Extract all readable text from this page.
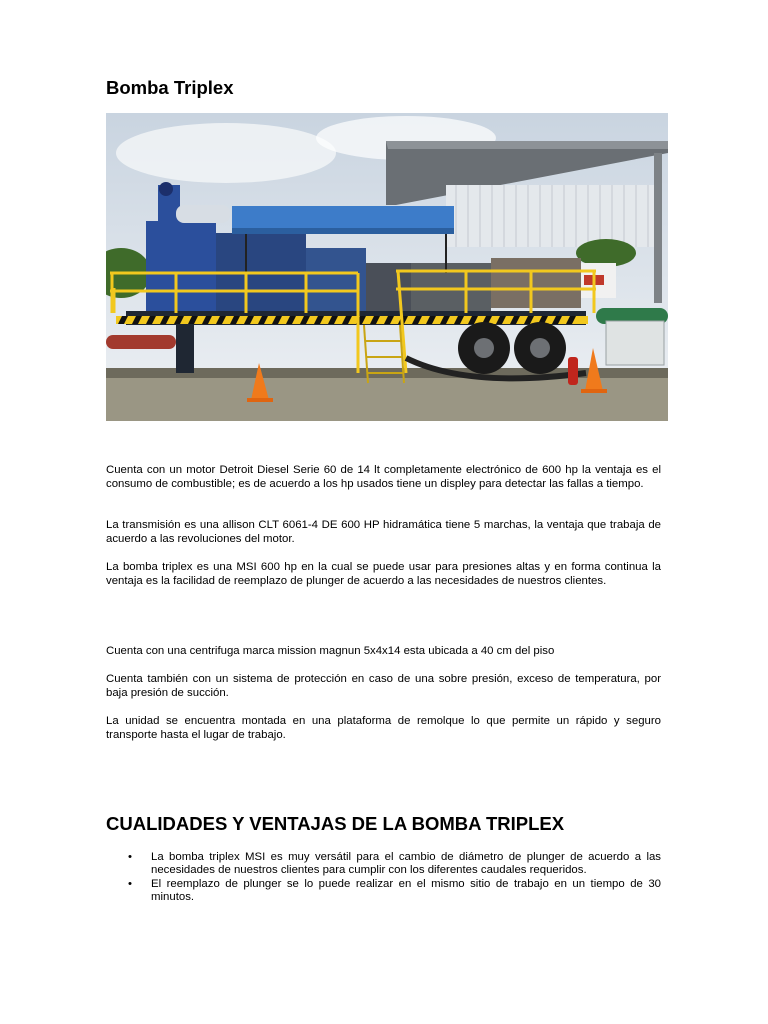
Bomba Triplex

Cuenta con un motor Detroit Diesel Serie 60 de 14 lt completamente electrónico de 600 hp la ventaja es el consumo de combustible; es de acuerdo a los hp usados tiene un displey para detectar las fallas a tiempo.

La transmisión es una allison CLT 6061-4 DE 600 HP hidramática tiene 5 marchas, la ventaja que trabaja de acuerdo a las revoluciones del motor.

La bomba triplex es una MSI 600 hp en la cual se puede usar para presiones altas y en forma continua la ventaja es la facilidad de reemplazo de plunger de acuerdo a las necesidades de nuestros clientes.

Cuenta con una centrifuga marca mission magnun 5x4x14 esta ubicada a 40 cm del piso

Cuenta también con un sistema de protección en caso de una sobre presión, exceso de temperatura, por baja presión de succión.

La unidad se encuentra montada en una plataforma de remolque lo que permite un rápido y seguro transporte hasta el lugar de trabajo.

CUALIDADES Y VENTAJAS DE LA BOMBA TRIPLEX
• La bomba triplex MSI es muy versátil para el cambio de diámetro de plunger de acuerdo a las necesidades de nuestros clientes para cumplir con los diferentes caudales requeridos.
• El reemplazo de plunger se lo puede realizar en el mismo sitio de trabajo en un tiempo de 30 minutos.
